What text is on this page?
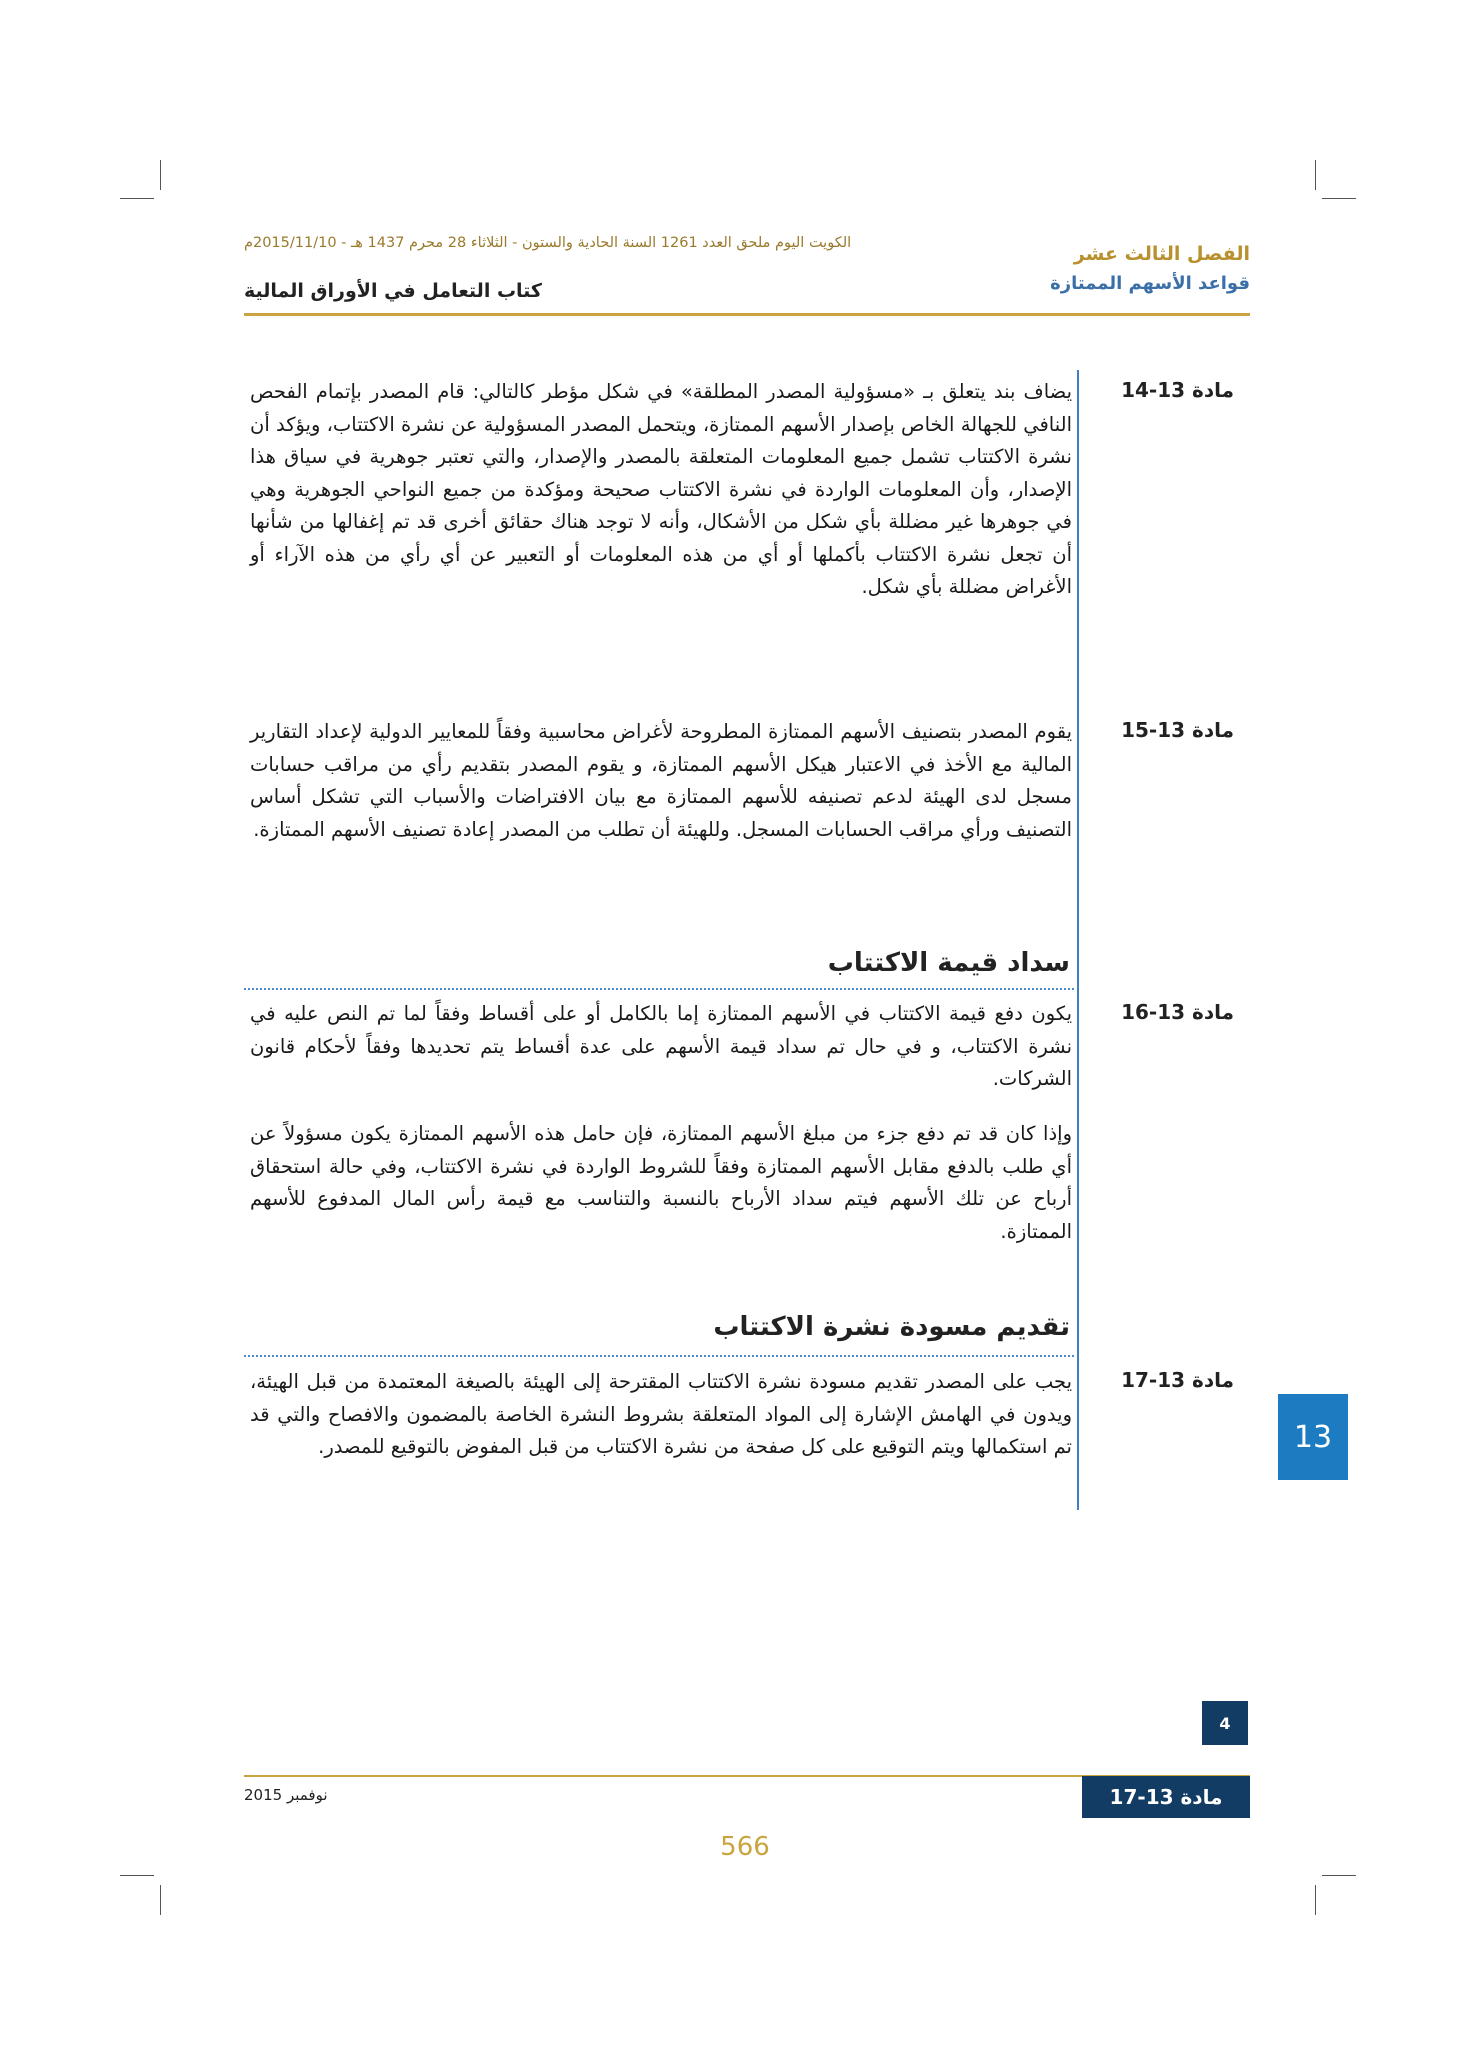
الكويت اليوم ملحق العدد 1261 السنة الحادية والستون - الثلاثاء 28 محرم 1437 هـ - 2015/11/10م	الفصل الثالث عشر
قواعد الأسهم الممتازة
كتاب التعامل في الأوراق المالية
مادة 13-14
يضاف بند يتعلق بـ «مسؤولية المصدر المطلقة» في شكل مؤطر كالتالي: قام المصدر بإتمام الفحص النافي للجهالة الخاص بإصدار الأسهم الممتازة، ويتحمل المصدر المسؤولية عن نشرة الاكتتاب، ويؤكد أن نشرة الاكتتاب تشمل جميع المعلومات المتعلقة بالمصدر والإصدار، والتي تعتبر جوهرية في سياق هذا الإصدار، وأن المعلومات الواردة في نشرة الاكتتاب صحيحة ومؤكدة من جميع النواحي الجوهرية وهي في جوهرها غير مضللة بأي شكل من الأشكال، وأنه لا توجد هناك حقائق أخرى قد تم إغفالها من شأنها أن تجعل نشرة الاكتتاب بأكملها أو أي من هذه المعلومات أو التعبير عن أي رأي من هذه الآراء أو الأغراض مضللة بأي شكل.
مادة 13-15
يقوم المصدر بتصنيف الأسهم الممتازة المطروحة لأغراض محاسبية وفقاً للمعايير الدولية لإعداد التقارير المالية مع الأخذ في الاعتبار هيكل الأسهم الممتازة، و يقوم المصدر بتقديم رأي من مراقب حسابات مسجل لدى الهيئة لدعم تصنيفه للأسهم الممتازة مع بيان الافتراضات والأسباب التي تشكل أساس التصنيف ورأي مراقب الحسابات المسجل. وللهيئة أن تطلب من المصدر إعادة تصنيف الأسهم الممتازة.
سداد قيمة الاكتتاب
مادة 13-16
يكون دفع قيمة الاكتتاب في الأسهم الممتازة إما بالكامل أو على أقساط وفقاً لما تم النص عليه في نشرة الاكتتاب، و في حال تم سداد قيمة الأسهم على عدة أقساط يتم تحديدها وفقاً لأحكام قانون الشركات.
وإذا كان قد تم دفع جزء من مبلغ الأسهم الممتازة، فإن حامل هذه الأسهم الممتازة يكون مسؤولاً عن أي طلب بالدفع مقابل الأسهم الممتازة وفقاً للشروط الواردة في نشرة الاكتتاب، وفي حالة استحقاق أرباح عن تلك الأسهم فيتم سداد الأرباح بالنسبة والتناسب مع قيمة رأس المال المدفوع للأسهم الممتازة.
تقديم مسودة نشرة الاكتتاب
مادة 13-17
يجب على المصدر تقديم مسودة نشرة الاكتتاب المقترحة إلى الهيئة بالصيغة المعتمدة من قبل الهيئة، ويدون في الهامش الإشارة إلى المواد المتعلقة بشروط النشرة الخاصة بالمضمون والافصاح والتي قد تم استكمالها ويتم التوقيع على كل صفحة من نشرة الاكتتاب من قبل المفوض بالتوقيع للمصدر.	13
4
نوفمبر 2015	مادة 13-17
566
